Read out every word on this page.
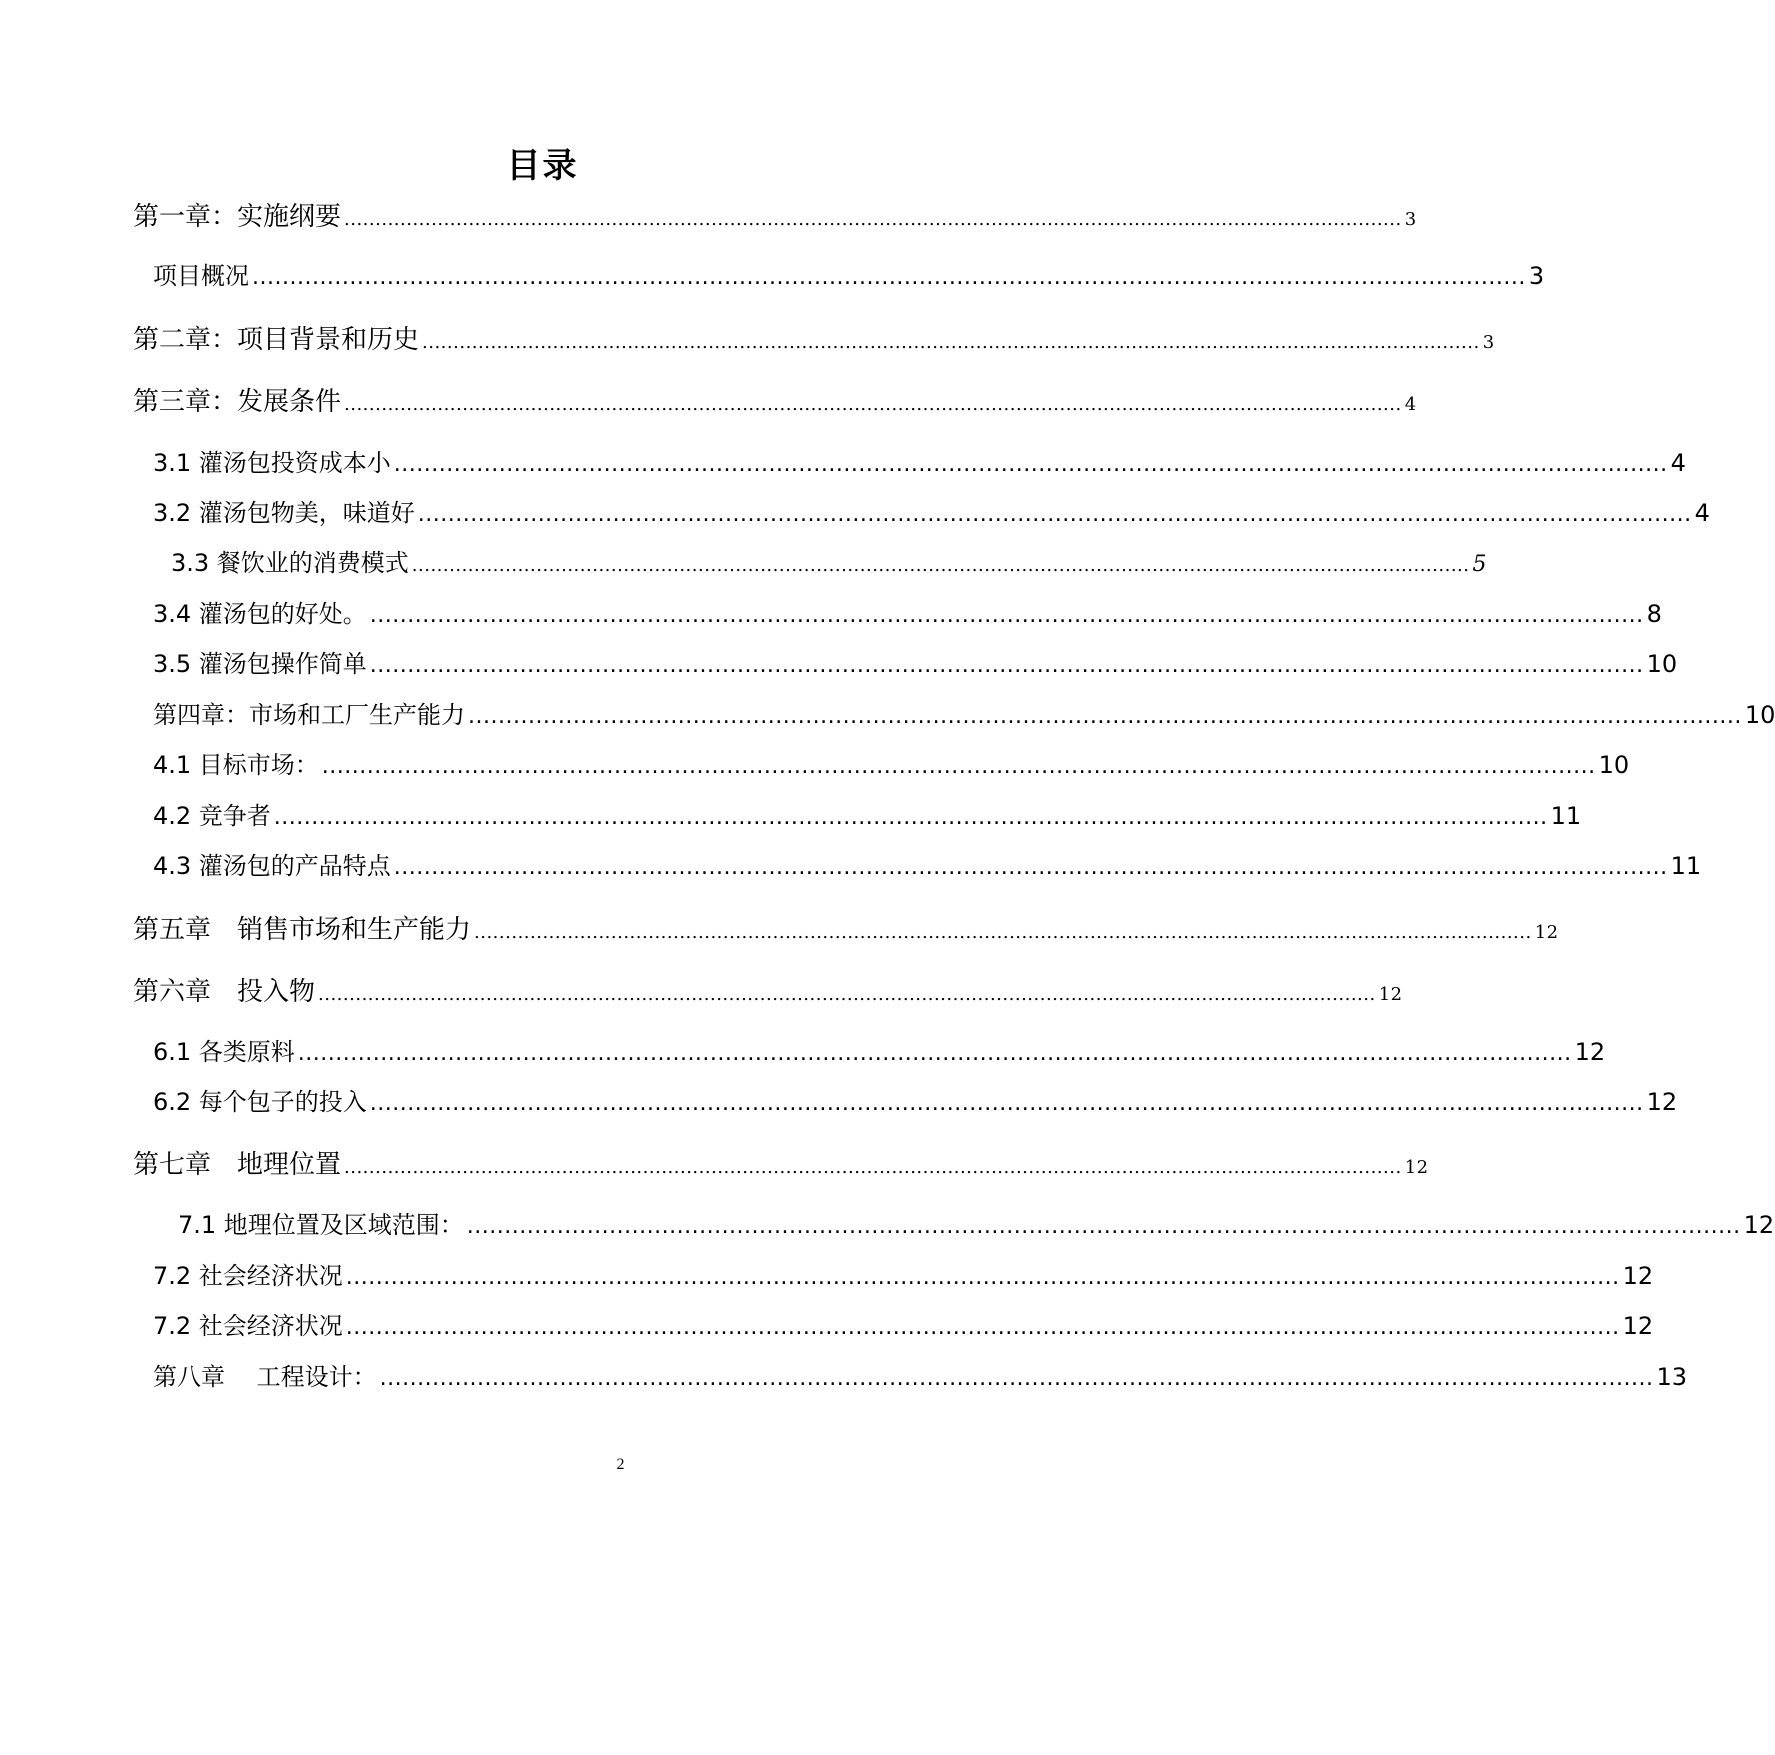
目录
第一章：实施纲要 .......................................................................................................................................................................... 3
项目概况 .......................................................................................................................................................................... 3
第二章：项目背景和历史 .......................................................................................................................................................................... 3
第三章：发展条件 .......................................................................................................................................................................... 4
3.1 灌汤包投资成本小 .......................................................................................................................................................................... 4
3.2 灌汤包物美，味道好 .......................................................................................................................................................................... 4
3.3 餐饮业的消费模式 .......................................................................................................................................................................... 5
3.4 灌汤包的好处。 .......................................................................................................................................................................... 8
3.5 灌汤包操作简单 .......................................................................................................................................................................... 10
第四章：市场和工厂生产能力 .......................................................................................................................................................................... 10
4.1 目标市场： .......................................................................................................................................................................... 10
4.2 竞争者 .......................................................................................................................................................................... 11
4.3 灌汤包的产品特点 .......................................................................................................................................................................... 11
第五章　销售市场和生产能力 .......................................................................................................................................................................... 12
第六章　投入物 .......................................................................................................................................................................... 12
6.1 各类原料 .......................................................................................................................................................................... 12
6.2 每个包子的投入 .......................................................................................................................................................................... 12
第七章　地理位置 .......................................................................................................................................................................... 12
7.1 地理位置及区域范围： .......................................................................................................................................................................... 12
7.2 社会经济状况 .......................................................................................................................................................................... 12
7.2 社会经济状况 .......................................................................................................................................................................... 12
第八章　 工程设计： .......................................................................................................................................................................... 13
2
